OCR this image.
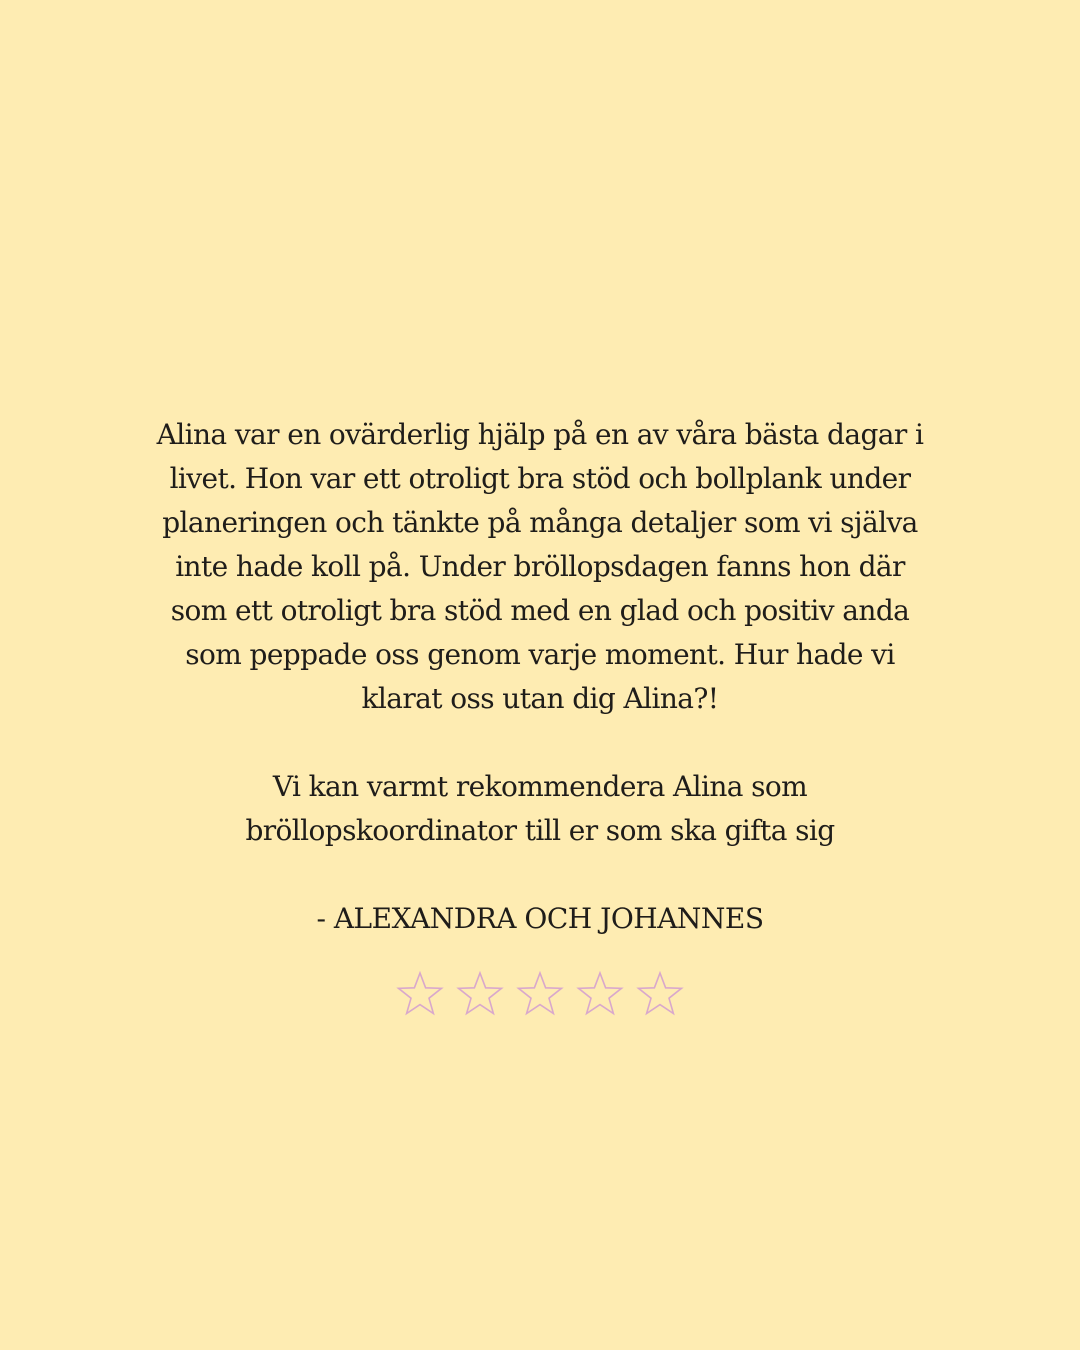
Alina var en ovärderlig hjälp på en av våra bästa dagar i
livet. Hon var ett otroligt bra stöd och bollplank under
planeringen och tänkte på många detaljer som vi själva
inte hade koll på. Under bröllopsdagen fanns hon där
som ett otroligt bra stöd med en glad och positiv anda
som peppade oss genom varje moment. Hur hade vi
klarat oss utan dig Alina?!
Vi kan varmt rekommendera Alina som
bröllopskoordinator till er som ska gifta sig
- ALEXANDRA OCH JOHANNES
